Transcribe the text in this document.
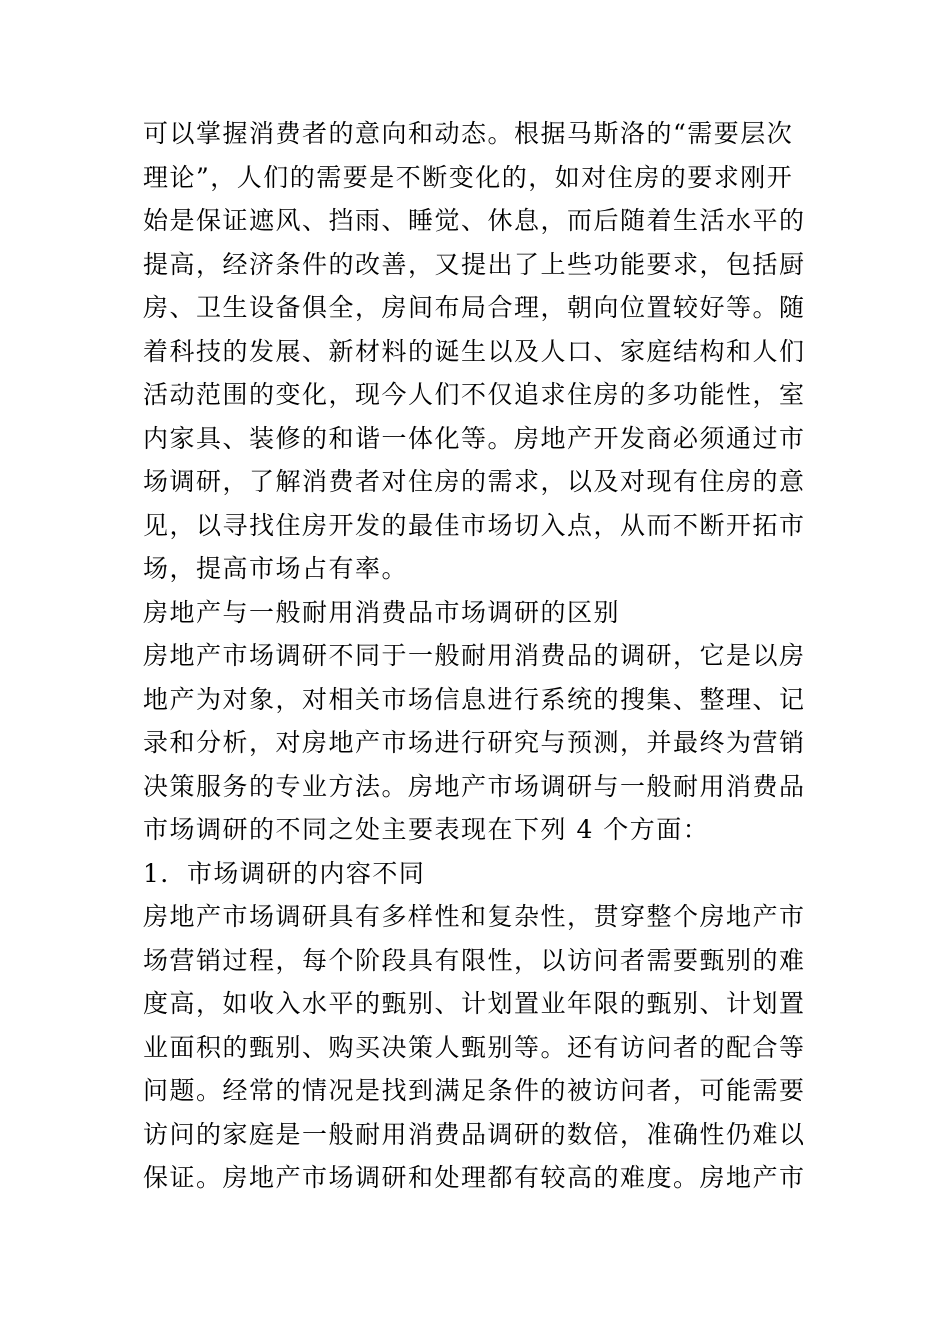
可以掌握消费者的意向和动态。根据马斯洛的“需要层次
理论”，人们的需要是不断变化的，如对住房的要求刚开
始是保证遮风、挡雨、睡觉、休息，而后随着生活水平的
提高，经济条件的改善，又提出了上些功能要求，包括厨
房、卫生设备俱全，房间布局合理，朝向位置较好等。随
着科技的发展、新材料的诞生以及人口、家庭结构和人们
活动范围的变化，现今人们不仅追求住房的多功能性，室
内家具、装修的和谐一体化等。房地产开发商必须通过市
场调研，了解消费者对住房的需求，以及对现有住房的意
见，以寻找住房开发的最佳市场切入点，从而不断开拓市
场，提高市场占有率。
房地产与一般耐用消费品市场调研的区别
房地产市场调研不同于一般耐用消费品的调研，它是以房
地产为对象，对相关市场信息进行系统的搜集、整理、记
录和分析，对房地产市场进行研究与预测，并最终为营销
决策服务的专业方法。房地产市场调研与一般耐用消费品
市场调研的不同之处主要表现在下列 4 个方面：
1．市场调研的内容不同
房地产市场调研具有多样性和复杂性，贯穿整个房地产市
场营销过程，每个阶段具有限性，以访问者需要甄别的难
度高，如收入水平的甄别、计划置业年限的甄别、计划置
业面积的甄别、购买决策人甄别等。还有访问者的配合等
问题。经常的情况是找到满足条件的被访问者，可能需要
访问的家庭是一般耐用消费品调研的数倍，准确性仍难以
保证。房地产市场调研和处理都有较高的难度。房地产市
